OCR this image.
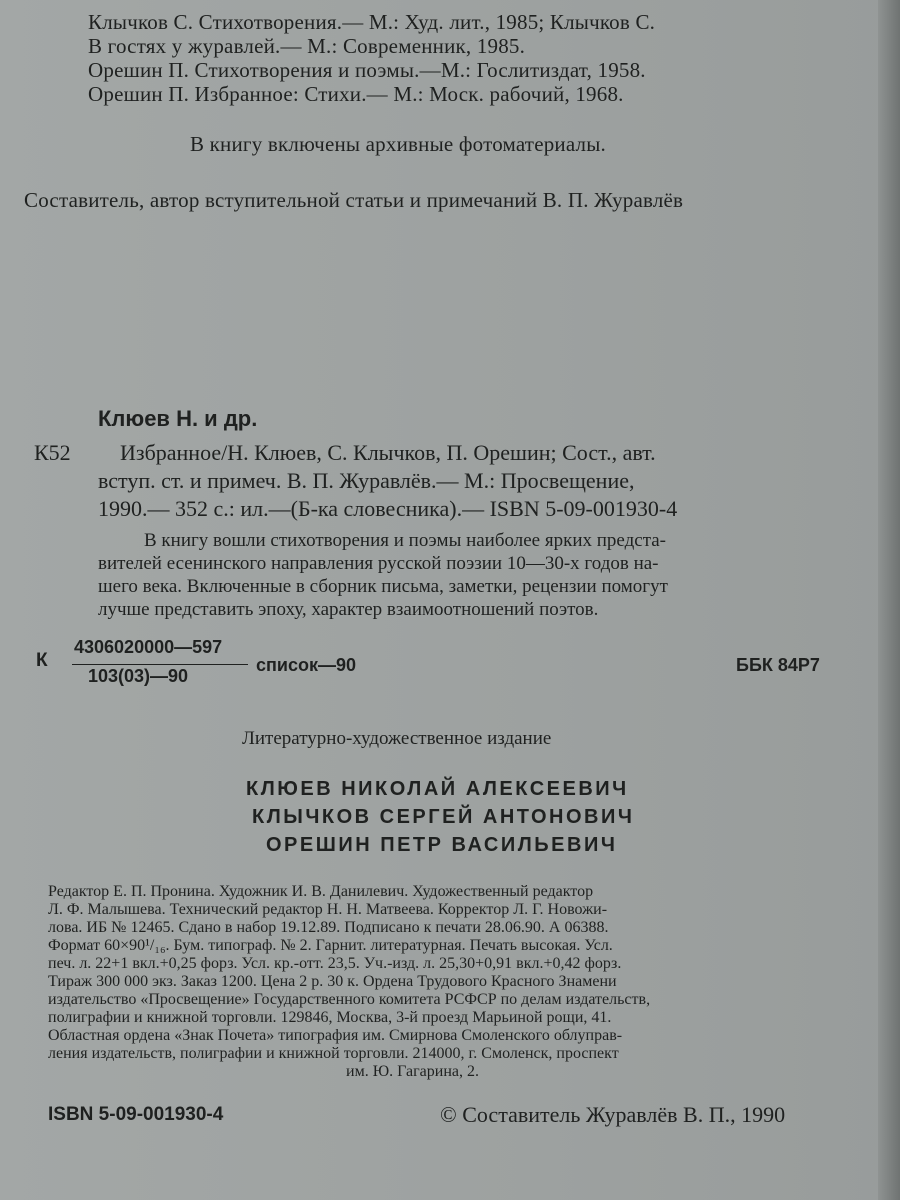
Клычков С. Стихотворения.— М.: Худ. лит., 1985; Клычков С.
В гостях у журавлей.— М.: Современник, 1985.
Орешин П. Стихотворения и поэмы.—М.: Гослитиздат, 1958.
Орешин П. Избранное: Стихи.— М.: Моск. рабочий, 1968.
В книгу включены архивные фотоматериалы.
Составитель, автор вступительной статьи и примечаний В. П. Журавлёв
Клюев Н. и др.
К52 Избранное/Н. Клюев, С. Клычков, П. Орешин; Сост., авт.
вступ. ст. и примеч. В. П. Журавлёв.— М.: Просвещение,
1990.— 352 с.: ил.—(Б-ка словесника).— ISBN 5-09-001930-4
В книгу вошли стихотворения и поэмы наиболее ярких предста-
вителей есенинского направления русской поэзии 10—30-х годов на-
шего века. Включенные в сборник письма, заметки, рецензии помогут
лучше представить эпоху, характер взаимоотношений поэтов.
К
4306020000—597
103(03)—90
список—90	ББК 84Р7
Литературно-художественное издание
КЛЮЕВ НИКОЛАЙ АЛЕКСЕЕВИЧ
КЛЫЧКОВ СЕРГЕЙ АНТОНОВИЧ
ОРЕШИН ПЕТР ВАСИЛЬЕВИЧ
Редактор Е. П. Пронина. Художник И. В. Данилевич. Художественный редактор
Л. Ф. Малышева. Технический редактор Н. Н. Матвеева. Корректор Л. Г. Новожи-
лова. ИБ № 12465. Сдано в набор 19.12.89. Подписано к печати 28.06.90. А 06388.
Формат 60×90¹/₁₆. Бум. типограф. № 2. Гарнит. литературная. Печать высокая. Усл.
печ. л. 22+1 вкл.+0,25 форз. Усл. кр.-отт. 23,5. Уч.-изд. л. 25,30+0,91 вкл.+0,42 форз.
Тираж 300 000 экз. Заказ 1200. Цена 2 р. 30 к. Ордена Трудового Красного Знамени
издательство «Просвещение» Государственного комитета РСФСР по делам издательств,
полиграфии и книжной торговли. 129846, Москва, 3-й проезд Марьиной рощи, 41.
Областная ордена «Знак Почета» типография им. Смирнова Смоленского облуправ-
ления издательств, полиграфии и книжной торговли. 214000, г. Смоленск, проспект
им. Ю. Гагарина, 2.
ISBN 5-09-001930-4	© Составитель Журавлёв В. П., 1990
